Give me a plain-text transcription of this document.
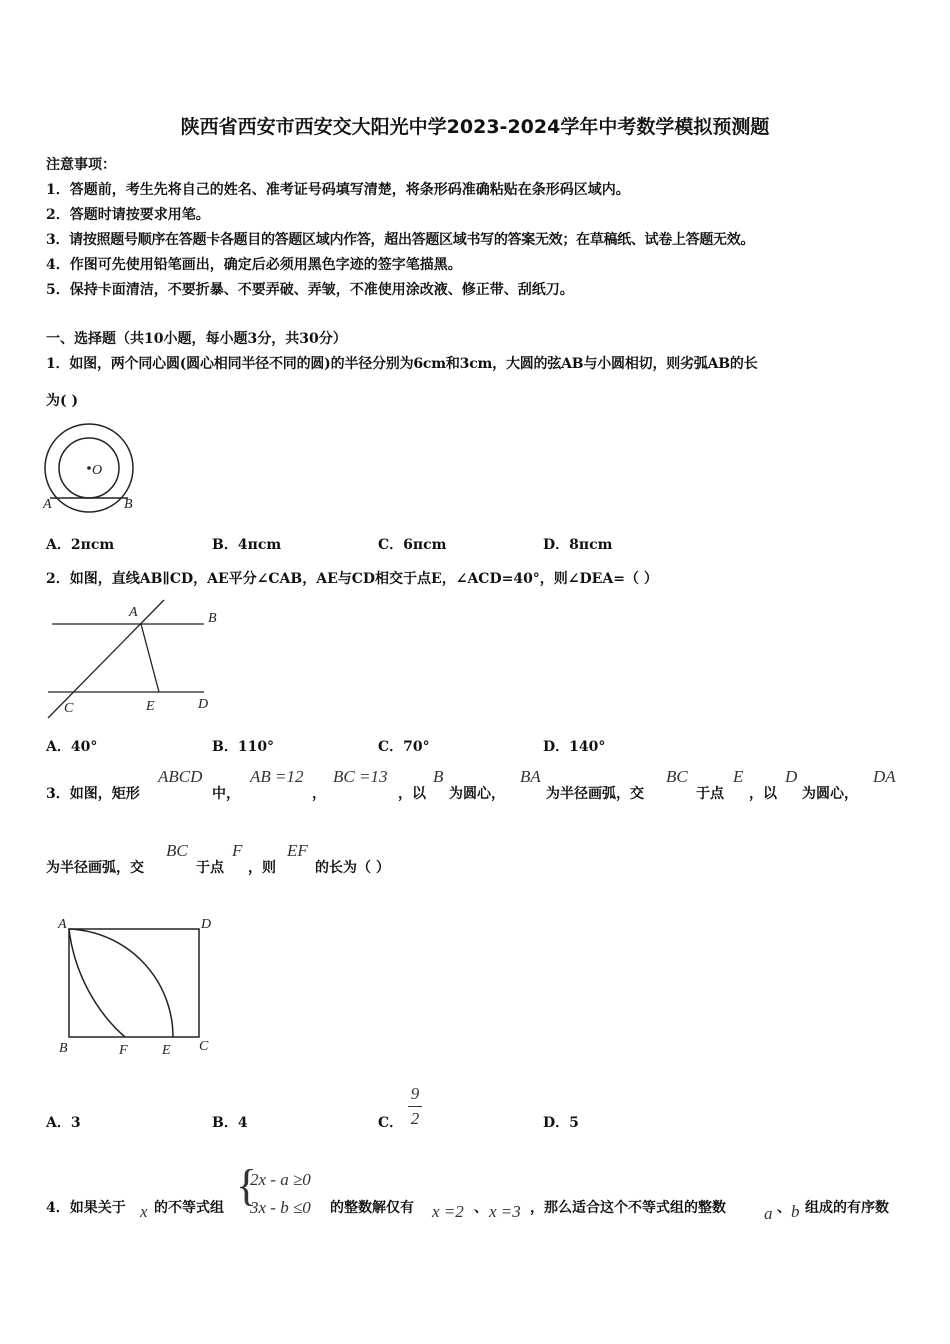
陕西省西安市西安交大阳光中学2023-2024学年中考数学模拟预测题
注意事项：
1．答题前，考生先将自己的姓名、准考证号码填写清楚，将条形码准确粘贴在条形码区域内。
2．答题时请按要求用笔。
3．请按照题号顺序在答题卡各题目的答题区域内作答，超出答题区域书写的答案无效；在草稿纸、试卷上答题无效。
4．作图可先使用铅笔画出，确定后必须用黑色字迹的签字笔描黑。
5．保持卡面清洁，不要折暴、不要弄破、弄皱，不准使用涂改液、修正带、刮纸刀。
一、选择题（共10小题，每小题3分，共30分）
1．如图，两个同心圆(圆心相同半径不同的圆)的半径分别为6cm和3cm，大圆的弦AB与小圆相切，则劣弧AB的长
为( )
O
A	B
A．2πcm	B．4πcm	C．6πcm	D．8πcm
2．如图，直线AB∥CD，AE平分∠CAB，AE与CD相交于点E，∠ACD=40°，则∠DEA=（ ）
A	B
C	E	D
A．40°	B．110°	C．70°	D．140°
3．如图，矩形
ABCD
中，
AB =12
，
BC =13
，以
B
为圆心，
BA
为半径画弧，交
BC
于点
E
，以
D
为圆心，
DA
为半径画弧，交
BC
于点
F
，则
EF
的长为（ ）
A	D
B	F E C
A．3	B．4	C．
9
2	D．5
4．如果关于 x 的不等式组 {
2x - a ≥0
3x - b ≤0 的整数解仅有 x =2 、 x =3 ，那么适合这个不等式组的整数 a 、 b 组成的有序数
